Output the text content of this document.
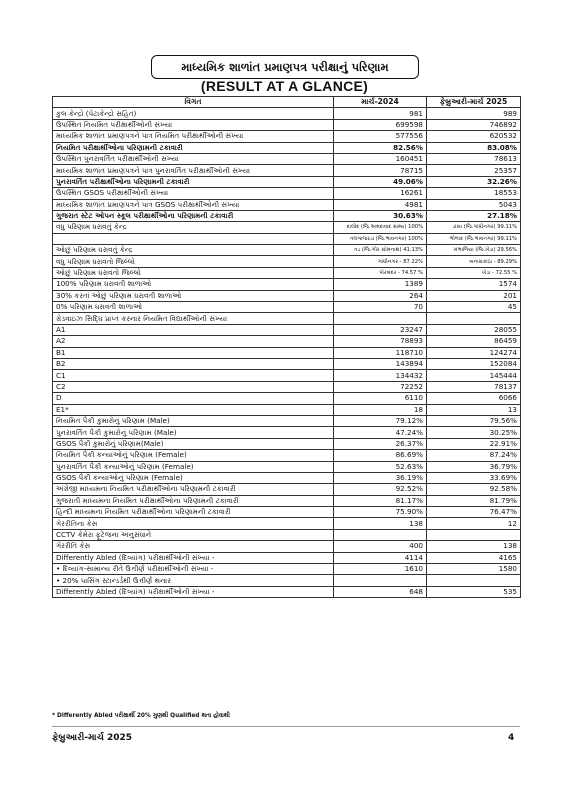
માધ્યમિક શાળાંત પ્રમાણપત્ર પરીક્ષાનું પરિણામ
(RESULT AT A GLANCE)
વિગત	માર્ચ-2024	ફેબ્રુઆરી-માર્ચ 2025
કુલ કેન્દ્રો (પેટાકેન્દ્રો સહિત)	981	989
ઉપસ્થિત નિયમિત પરીક્ષાર્થીઓની સંખ્યા	699598	746892
માધ્યમિક શાળાંત પ્રમાણપત્રને પાત્ર નિયમિત પરીક્ષાર્થીઓની સંખ્યા	577556	620532
નિયમિત પરીક્ષાર્થીઓના પરિણામની ટકાવારી	82.56%	83.08%
ઉપસ્થિત પુનરાવર્તિત પરીક્ષાર્થીઓની સંખ્યા	160451	78613
માધ્યમિક શાળાંત પ્રમાણપત્રને પાત્ર પુનરાવર્તિત પરીક્ષાર્થીઓની સંખ્યા	78715	25357
પુનરાવર્તિત પરીક્ષાર્થીઓના પરિણામની ટકાવારી	49.06%	32.26%
ઉપસ્થિત GSOS પરીક્ષાર્થીઓની સંખ્યા	16261	18553
માધ્યમિક શાળાંત પ્રમાણપત્રને પાત્ર GSOS પરીક્ષાર્થીઓની સંખ્યા	4981	5043
ગુજરાત સ્ટેટ ઓપન સ્કૂલ પરીક્ષાર્થીઓના પરિણામની ટકાવારી	30.63%	27.18%
વધુ પરિણામ ધરાવતું કેન્દ્ર	દાલોદ (જિ.અમદાવાદ ગ્રામ્ય) 100%	ડાંસા (જિ.ગાંધીનગર) 99.11%
	તલગાજરડા (જિ.ભાવનગર) 100%	ભોળાદ (જિ.ભાવનગર) 99.11%
ઓછું પરિણામ ધરાવતું કેન્દ્ર	તડ (જિ.ગીર સોમનાથ) 41.13%	ખંભાળિયા (જિ.ખેડા) 29.56%
વધુ પરિણામ ધરાવતો જિલ્લો	ગાંધીનગર - 87.22%	બનાસકાંઠા - 89.29%
ઓછું પરિણામ ધરાવતો જિલ્લો	પોરબંદર - 74.57 %	ખેડા - 72.55 %
100% પરિણામ ધરાવતી શાળાઓ	1389	1574
30% કરતાં ઓછું પરિણામ ધરાવતી શાળાઓ	264	201
0% પરિણામ ધરાવતી શાળાઓ	70	45
ગ્રેડવાઇઝ સિદ્ધિ પ્રાપ્ત કરનાર નિયમિત વિદ્યાર્થીઓની સંખ્યા		
A1	23247	28055
A2	78893	86459
B1	118710	124274
B2	143894	152084
C1	134432	145444
C2	72252	78137
D	6110	6066
E1*	18	13
નિયમિત પૈકી કુમારોનું પરિણામ (Male)	79.12%	79.56%
પુનરાવર્તિત પૈકી કુમારોનું પરિણામ (Male)	47.24%	30.25%
GSOS પૈકી કુમારોનું પરિણામ(Male)	26.37%	22.91%
નિયમિત પૈકી કન્યાઓનું પરિણામ (Female)	86.69%	87.24%
પુનરાવર્તિત પૈકી કન્યાઓનું પરિણામ (Female)	52.63%	36.79%
GSOS પૈકી કન્યાઓનું પરિણામ (Female)	36.19%	33.69%
અંગ્રેજી માધ્યમના નિયમિત પરીક્ષાર્થીઓના પરિણામની ટકાવારી	92.52%	92.58%
ગુજરાતી માધ્યમના નિયમિત પરીક્ષાર્થીઓના પરિણામની ટકાવારી	81.17%	81.79%
હિન્દી માધ્યમના નિયમિત પરીક્ષાર્થીઓના પરિણામની ટકાવારી	75.90%	76.47%
ગેરરીતિના કેસ	138	12
CCTV કેમેરા ફૂટેજના અનુસંધાને		
ગેરરીતિ કેસ	400	138
Differently Abled (દિવ્યાંગ) પરીક્ષાર્થીઓની સંખ્યા -	4114	4165
• દિવ્યાંગ-સામાન્ય રીતે ઉત્તીર્ણ પરીક્ષાર્થીઓની સંખ્યા -	1610	1580
• 20% પાસિંગ સ્ટાન્ડર્ડથી ઉત્તીર્ણ થનાર		
Differently Abled (દિવ્યાંગ) પરીક્ષાર્થીઓની સંખ્યા -	648	535
* Differently Abled પરીક્ષાર્થી 20% ગુણથી Qualified થતા હોવાથી
ફેબ્રુઆરી-માર્ચ 2025	4
